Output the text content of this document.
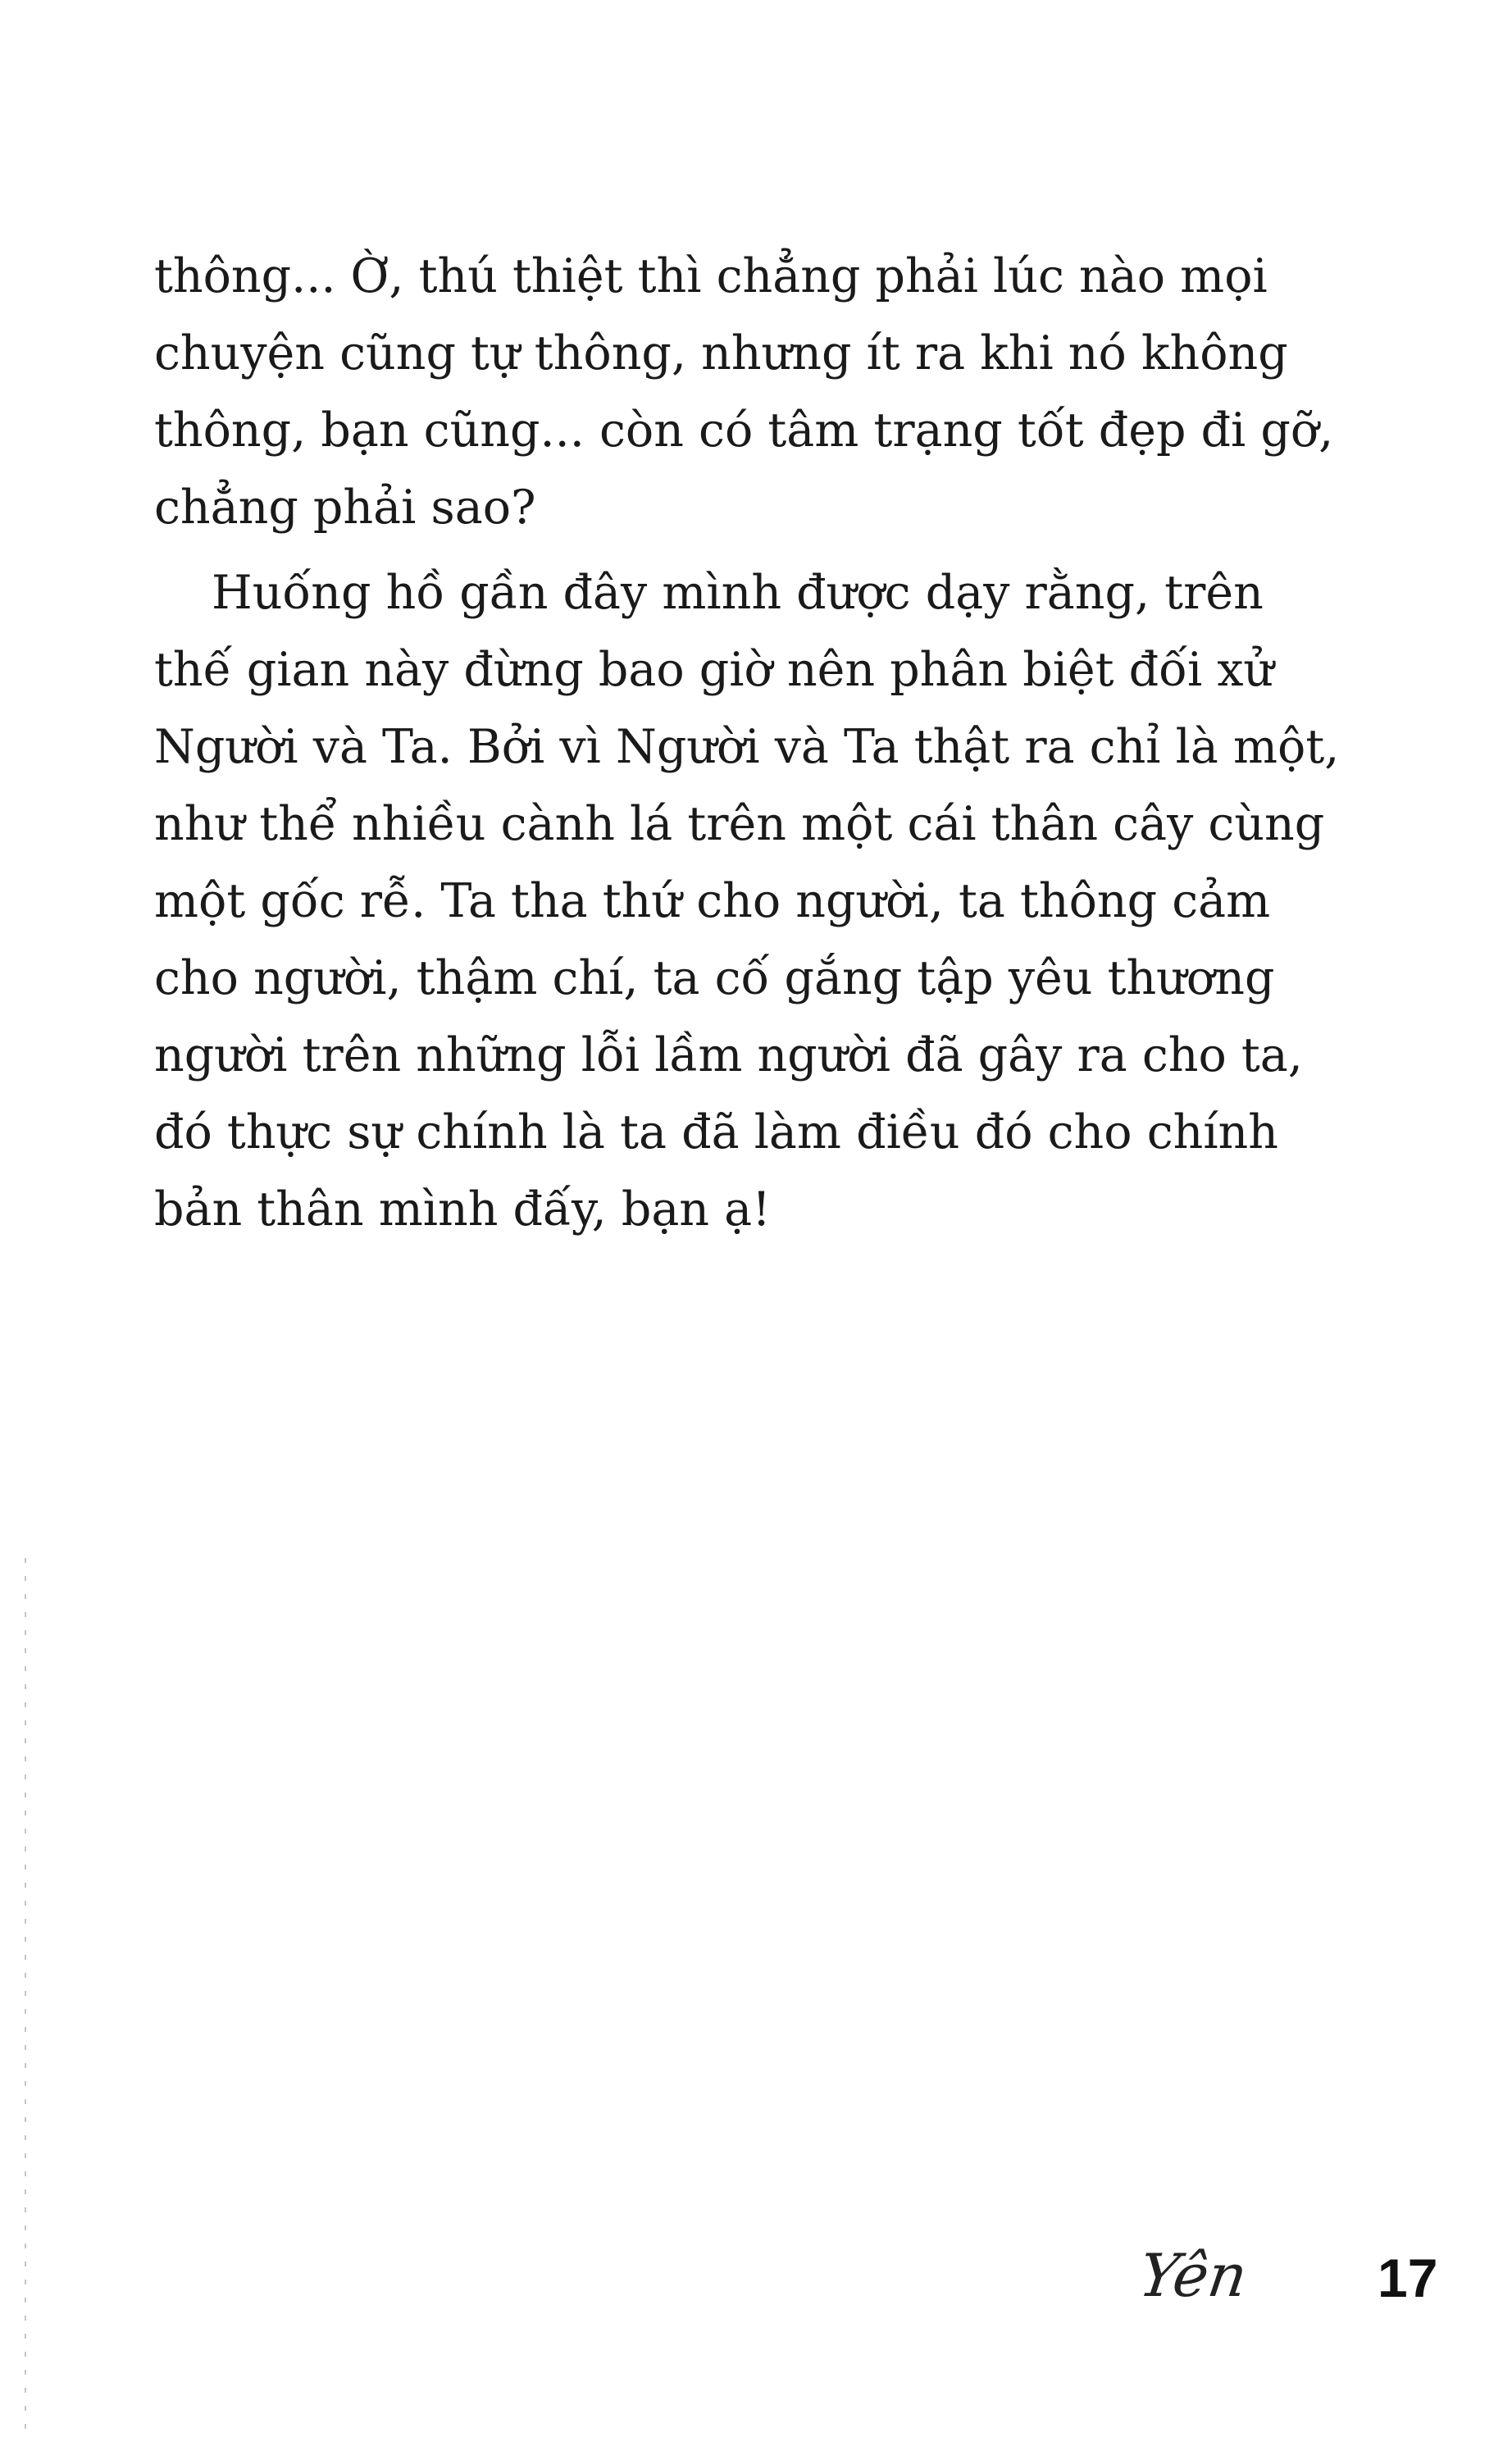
thông... Ờ, thú thiệt thì chẳng phải lúc nào mọi
chuyện cũng tự thông, nhưng ít ra khi nó không
thông, bạn cũng... còn có tâm trạng tốt đẹp đi gỡ,
chẳng phải sao?

Huống hồ gần đây mình được dạy rằng, trên
thế gian này đừng bao giờ nên phân biệt đối xử
Người và Ta. Bởi vì Người và Ta thật ra chỉ là một,
như thể nhiều cành lá trên một cái thân cây cùng
một gốc rễ. Ta tha thứ cho người, ta thông cảm
cho người, thậm chí, ta cố gắng tập yêu thương
người trên những lỗi lầm người đã gây ra cho ta,
đó thực sự chính là ta đã làm điều đó cho chính
bản thân mình đấy, bạn ạ!

Yên 17
